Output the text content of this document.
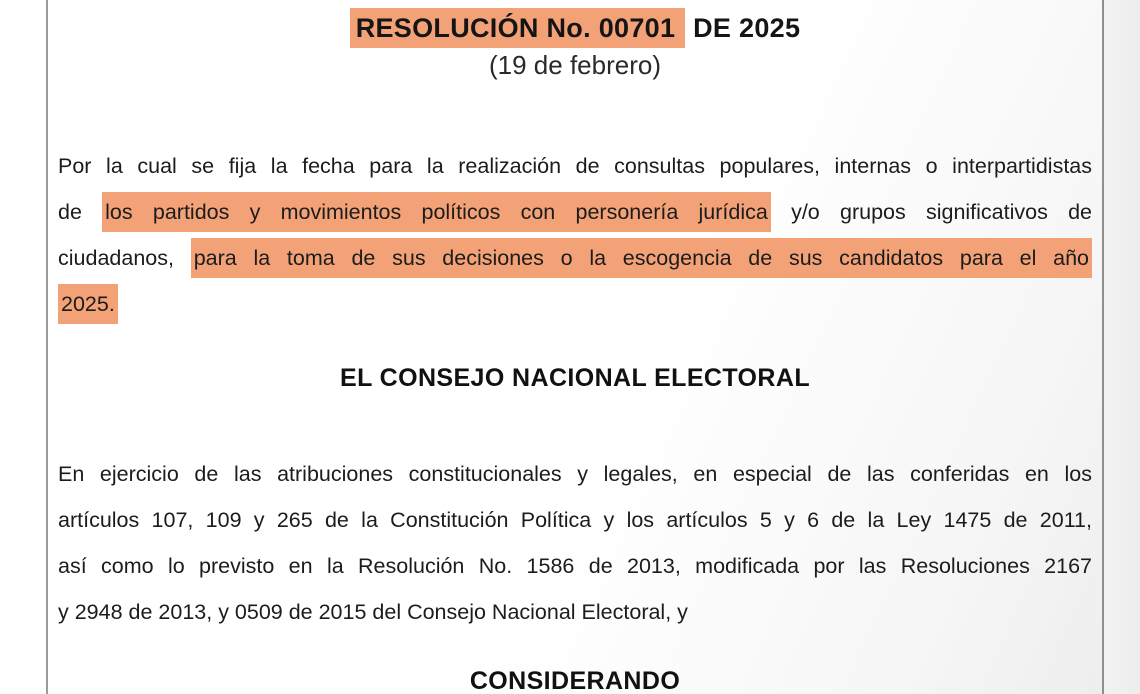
RESOLUCIÓN No. 00701 DE 2025
(19 de febrero)
Por la cual se fija la fecha para la realización de consultas populares, internas o interpartidistas
de los partidos y movimientos políticos con personería jurídica y/o grupos significativos de
ciudadanos, para la toma de sus decisiones o la escogencia de sus candidatos para el año
2025.
EL CONSEJO NACIONAL ELECTORAL
En ejercicio de las atribuciones constitucionales y legales, en especial de las conferidas en los
artículos 107, 109 y 265 de la Constitución Política y los artículos 5 y 6 de la Ley 1475 de 2011,
así como lo previsto en la Resolución No. 1586 de 2013, modificada por las Resoluciones 2167
y 2948 de 2013, y 0509 de 2015 del Consejo Nacional Electoral, y
CONSIDERANDO
